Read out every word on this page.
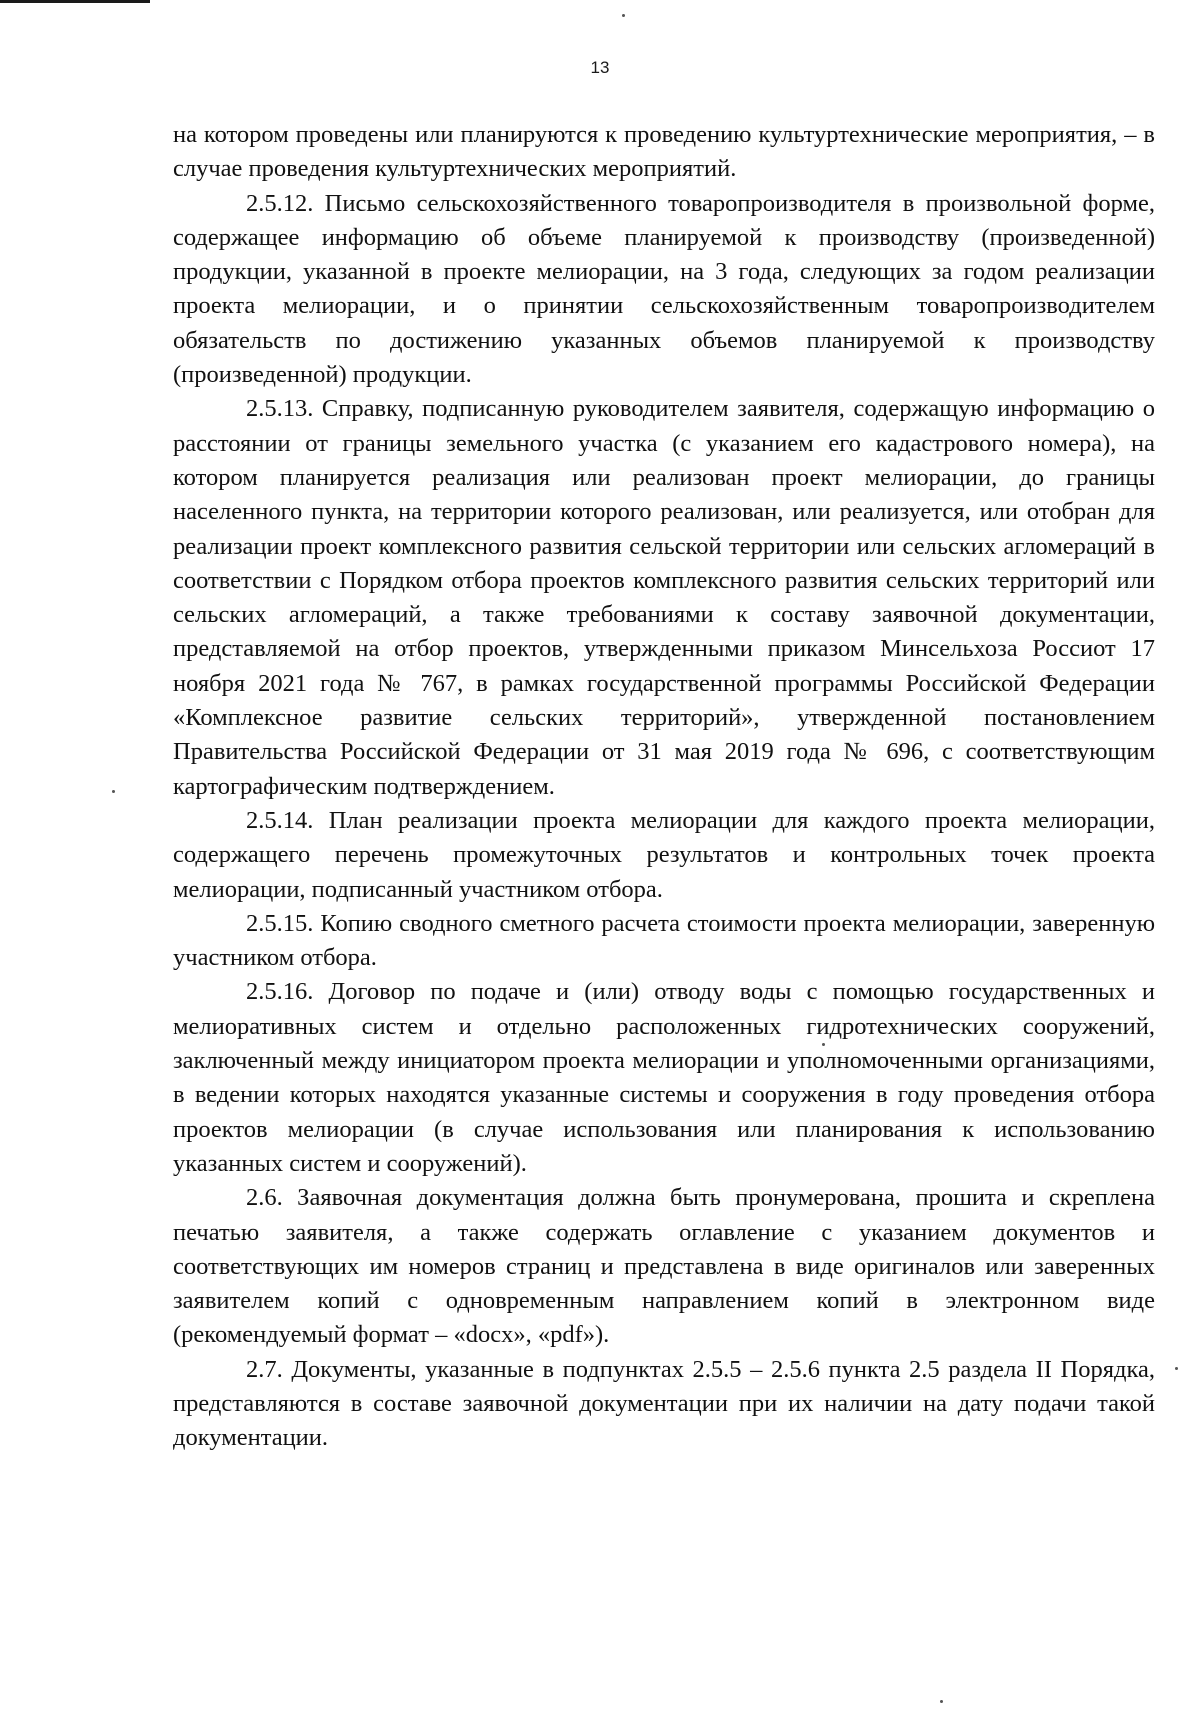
13

на котором проведены или планируются к проведению культуртехнические мероприятия, – в случае проведения культуртехнических мероприятий.

2.5.12. Письмо сельскохозяйственного товаропроизводителя в произвольной форме, содержащее информацию об объеме планируемой к производству (произведенной) продукции, указанной в проекте мелиорации, на 3 года, следующих за годом реализации проекта мелиорации, и о принятии сельскохозяйственным товаропроизводителем обязательств по достижению указанных объемов планируемой к производству (произведенной) продукции.

2.5.13. Справку, подписанную руководителем заявителя, содержащую информацию о расстоянии от границы земельного участка (с указанием его кадастрового номера), на котором планируется реализация или реализован проект мелиорации, до границы населенного пункта, на территории которого реализован, или реализуется, или отобран для реализации проект комплексного развития сельской территории или сельских агломераций в соответствии с Порядком отбора проектов комплексного развития сельских территорий или сельских агломераций, а также требованиями к составу заявочной документации, представляемой на отбор проектов, утвержденными приказом Минсельхоза Россиот 17 ноября 2021 года № 767, в рамках государственной программы Российской Федерации «Комплексное развитие сельских территорий», утвержденной постановлением Правительства Российской Федерации от 31 мая 2019 года № 696, с соответствующим картографическим подтверждением.

2.5.14. План реализации проекта мелиорации для каждого проекта мелиорации, содержащего перечень промежуточных результатов и контрольных точек проекта мелиорации, подписанный участником отбора.

2.5.15. Копию сводного сметного расчета стоимости проекта мелиорации, заверенную участником отбора.

2.5.16. Договор по подаче и (или) отводу воды с помощью государственных и мелиоративных систем и отдельно расположенных гидротехнических сооружений, заключенный между инициатором проекта мелиорации и уполномоченными организациями, в ведении которых находятся указанные системы и сооружения в году проведения отбора проектов мелиорации (в случае использования или планирования к использованию указанных систем и сооружений).

2.6. Заявочная документация должна быть пронумерована, прошита и скреплена печатью заявителя, а также содержать оглавление с указанием документов и соответствующих им номеров страниц и представлена в виде оригиналов или заверенных заявителем копий с одновременным направлением копий в электронном виде (рекомендуемый формат – «docx», «pdf»).

2.7. Документы, указанные в подпунктах 2.5.5 – 2.5.6 пункта 2.5 раздела II Порядка, представляются в составе заявочной документации при их наличии на дату подачи такой документации.
